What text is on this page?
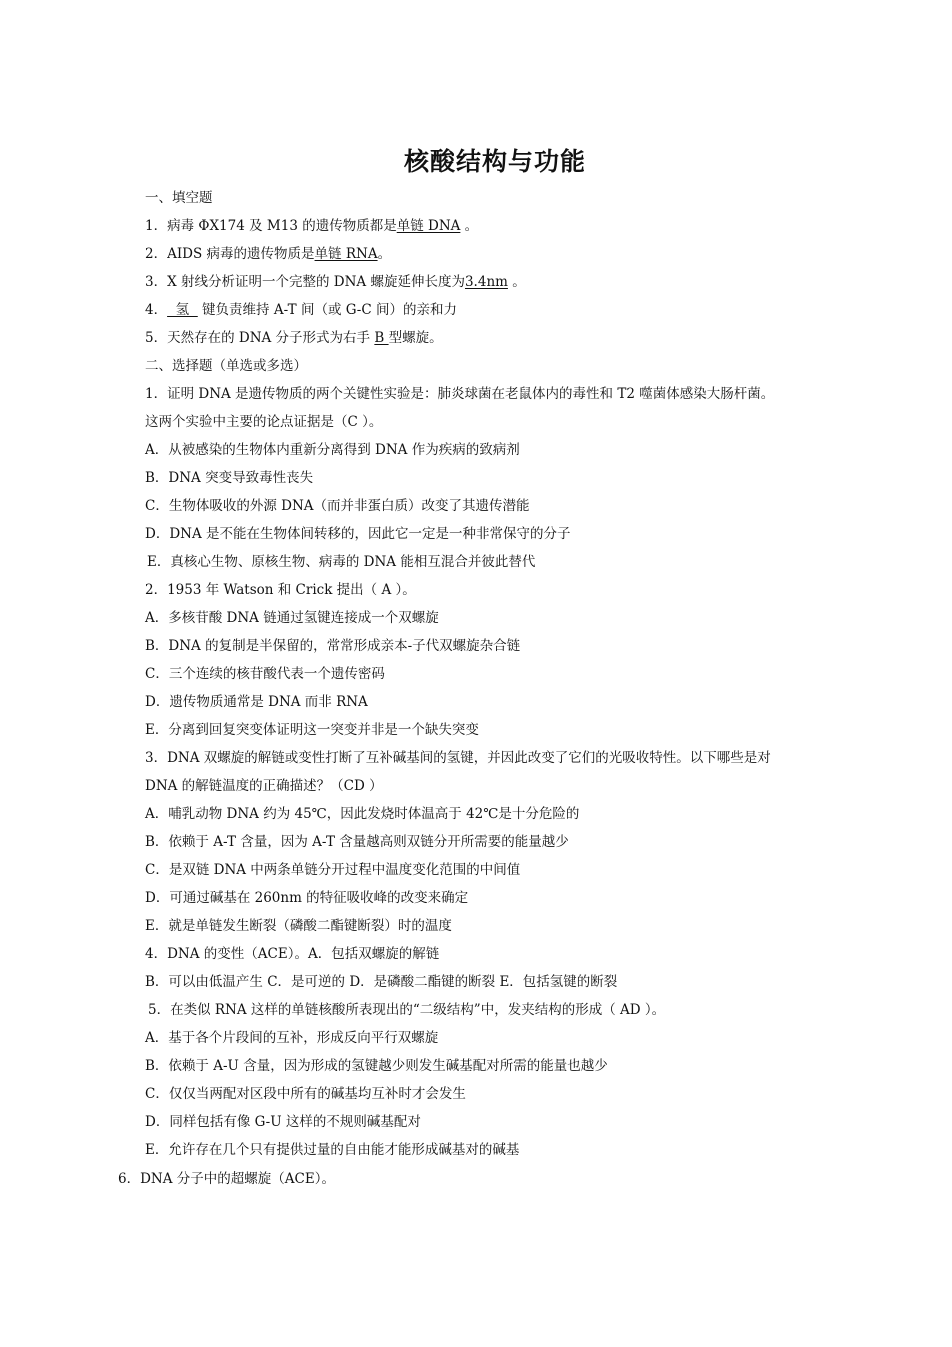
核酸结构与功能
一、填空题
1．病毒 ΦX174 及 M13 的遗传物质都是单链 DNA 。
2．AIDS 病毒的遗传物质是单链 RNA。
3．X 射线分析证明一个完整的 DNA 螺旋延伸长度为3.4nm 。
4．  氢   键负责维持 A-T 间（或 G-C 间）的亲和力
5．天然存在的 DNA 分子形式为右手 B 型螺旋。
二、选择题（单选或多选）
1．证明 DNA 是遗传物质的两个关键性实验是：肺炎球菌在老鼠体内的毒性和 T2 噬菌体感染大肠杆菌。
这两个实验中主要的论点证据是（C ）。
A．从被感染的生物体内重新分离得到 DNA 作为疾病的致病剂
B．DNA 突变导致毒性丧失
C．生物体吸收的外源 DNA（而并非蛋白质）改变了其遗传潜能
D．DNA 是不能在生物体间转移的，因此它一定是一种非常保守的分子
E．真核心生物、原核生物、病毒的 DNA 能相互混合并彼此替代
2．1953 年 Watson 和 Crick 提出（ A ）。
A．多核苷酸 DNA 链通过氢键连接成一个双螺旋
B．DNA 的复制是半保留的，常常形成亲本-子代双螺旋杂合链
C．三个连续的核苷酸代表一个遗传密码
D．遗传物质通常是 DNA 而非 RNA
E．分离到回复突变体证明这一突变并非是一个缺失突变
3．DNA 双螺旋的解链或变性打断了互补碱基间的氢键，并因此改变了它们的光吸收特性。以下哪些是对
DNA 的解链温度的正确描述？（CD ）
A．哺乳动物 DNA 约为 45℃，因此发烧时体温高于 42℃是十分危险的
B．依赖于 A-T 含量，因为 A-T 含量越高则双链分开所需要的能量越少
C．是双链 DNA 中两条单链分开过程中温度变化范围的中间值
D．可通过碱基在 260nm 的特征吸收峰的改变来确定
E．就是单链发生断裂（磷酸二酯键断裂）时的温度
4．DNA 的变性（ACE）。A．包括双螺旋的解链
B．可以由低温产生 C．是可逆的 D．是磷酸二酯键的断裂 E．包括氢键的断裂
5．在类似 RNA 这样的单链核酸所表现出的“二级结构”中，发夹结构的形成（ AD ）。
A．基于各个片段间的互补，形成反向平行双螺旋
B．依赖于 A-U 含量，因为形成的氢键越少则发生碱基配对所需的能量也越少
C．仅仅当两配对区段中所有的碱基均互补时才会发生
D．同样包括有像 G-U 这样的不规则碱基配对
E．允许存在几个只有提供过量的自由能才能形成碱基对的碱基
6．DNA 分子中的超螺旋（ACE）。
